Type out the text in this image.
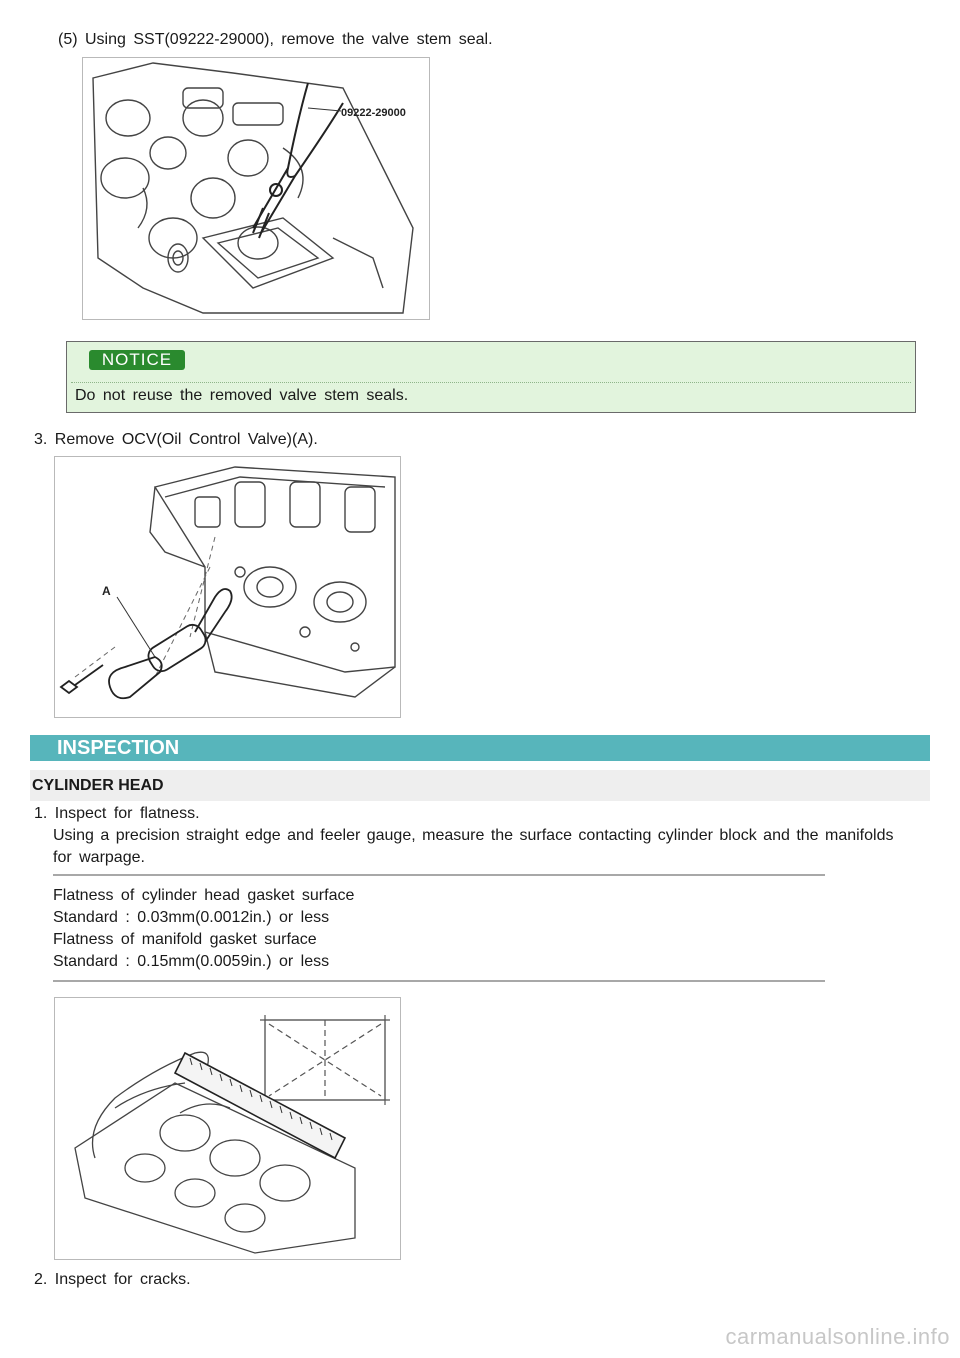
(5) Using SST(09222-29000), remove the valve stem seal.
09222-29000
NOTICE
Do not reuse the removed valve stem seals.
3. Remove OCV(Oil Control Valve)(A).
A
INSPECTION
CYLINDER HEAD
1. Inspect for flatness.
Using a precision straight edge and feeler gauge, measure the surface contacting cylinder block and the manifolds
for warpage.
Flatness of cylinder head gasket surface
Standard : 0.03mm(0.0012in.) or less
Flatness of manifold gasket surface
Standard : 0.15mm(0.0059in.) or less
2. Inspect for cracks.
carmanualsonline.info
